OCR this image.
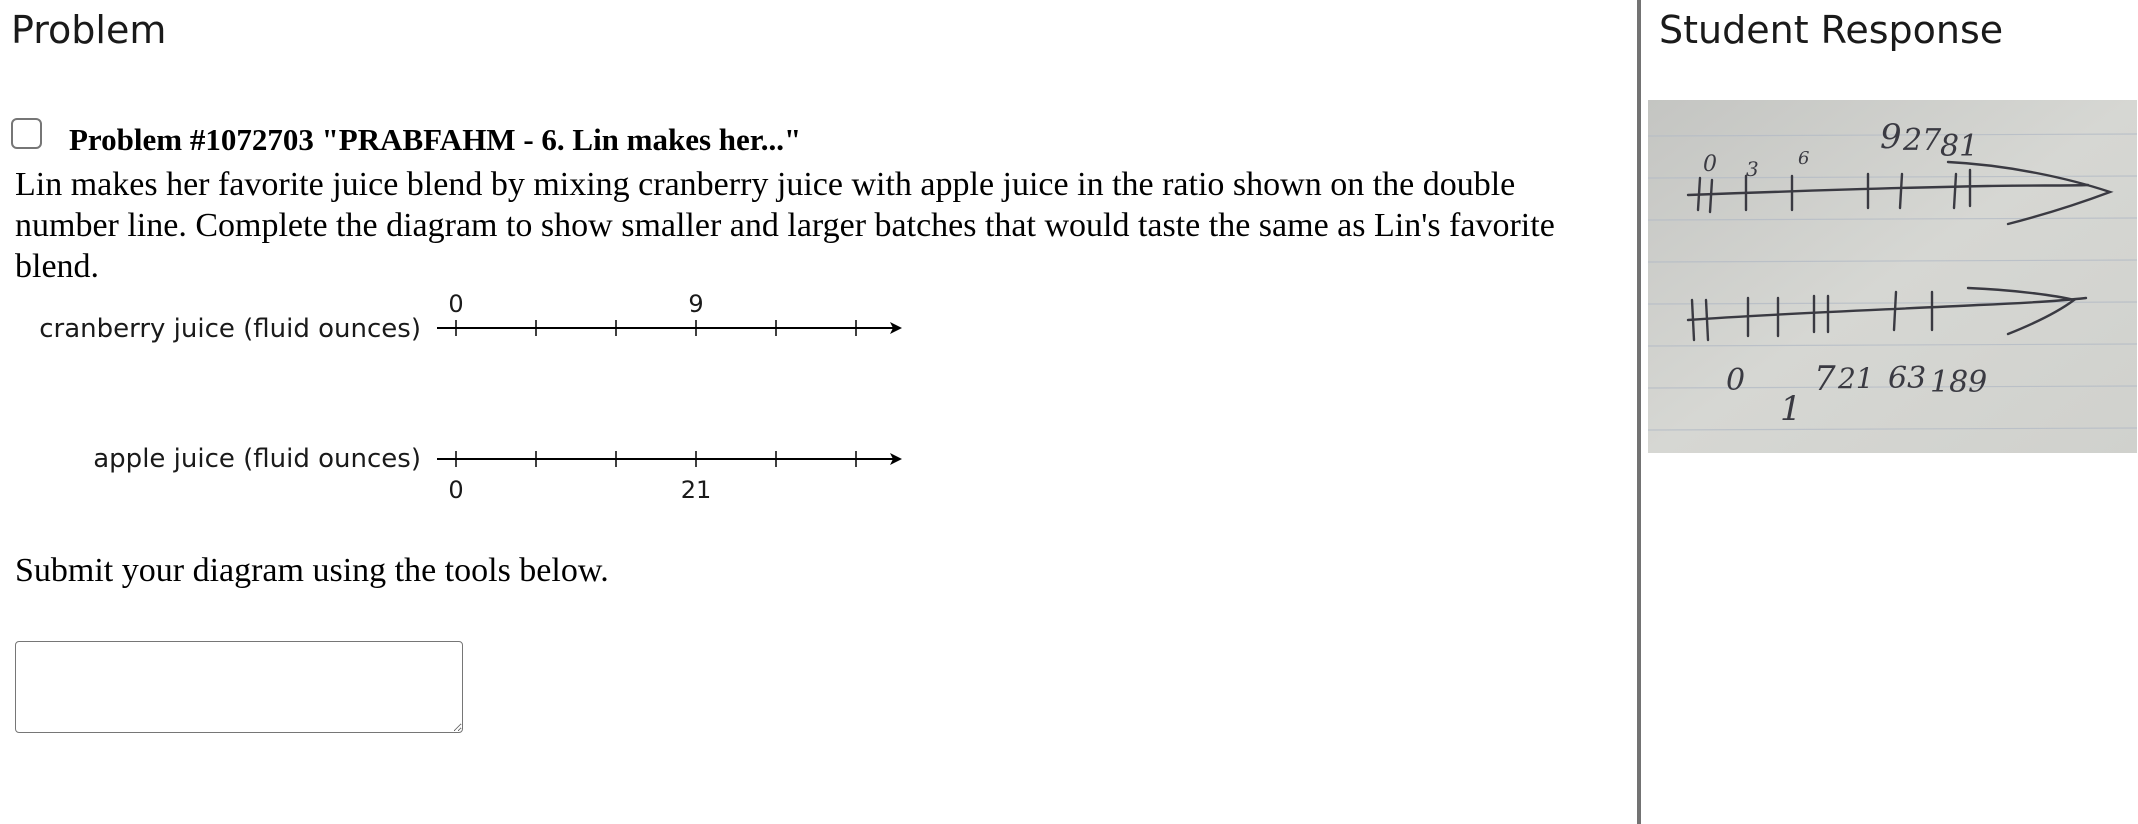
Problem
Problem #1072703 "PRABFAHM - 6. Lin makes her..."
Lin makes her favorite juice blend by mixing cranberry juice with apple juice in the ratio shown on the double number line. Complete the diagram to show smaller and larger batches that would taste the same as Lin's favorite blend.
cranberry juice (fluid ounces)
0	9
apple juice (fluid ounces)
0	21
Submit your diagram using the tools below.
Student Response
0 3 6
9 27
81
0
1
7 21 63 189
